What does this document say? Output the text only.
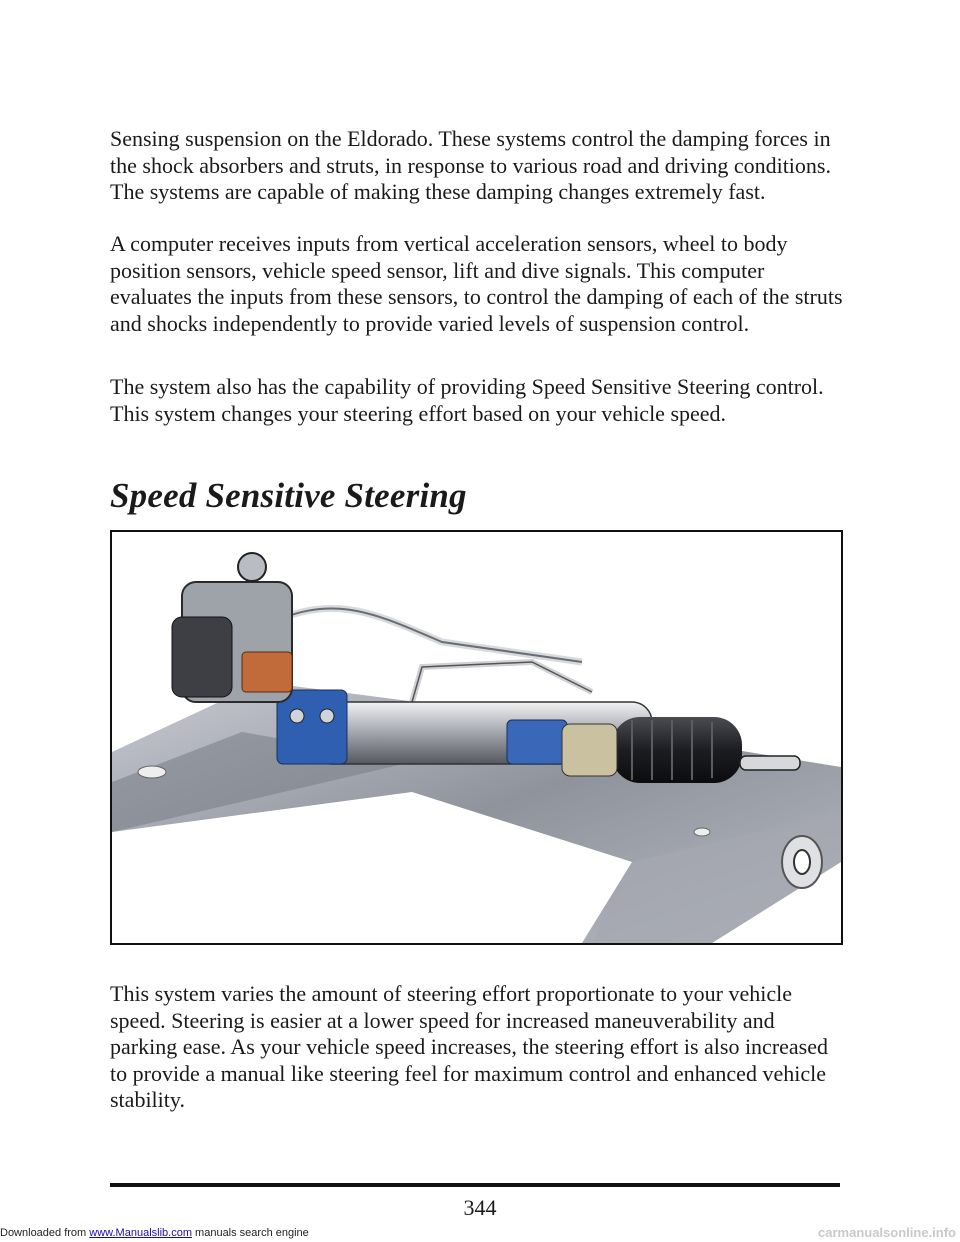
Sensing suspension on the Eldorado. These systems control the damping forces in the shock absorbers and struts, in response to various road and driving conditions. The systems are capable of making these damping changes extremely fast.

A computer receives inputs from vertical acceleration sensors, wheel to body position sensors, vehicle speed sensor, lift and dive signals. This computer evaluates the inputs from these sensors, to control the damping of each of the struts and shocks independently to provide varied levels of suspension control.

The system also has the capability of providing Speed Sensitive Steering control. This system changes your steering effort based on your vehicle speed.

Speed Sensitive Steering

This system varies the amount of steering effort proportionate to your vehicle speed. Steering is easier at a lower speed for increased maneuverability and parking ease. As your vehicle speed increases, the steering effort is also increased to provide a manual like steering feel for maximum control and enhanced vehicle stability.

344
Downloaded from www.Manualslib.com manuals search engine	carmanualsonline.info
